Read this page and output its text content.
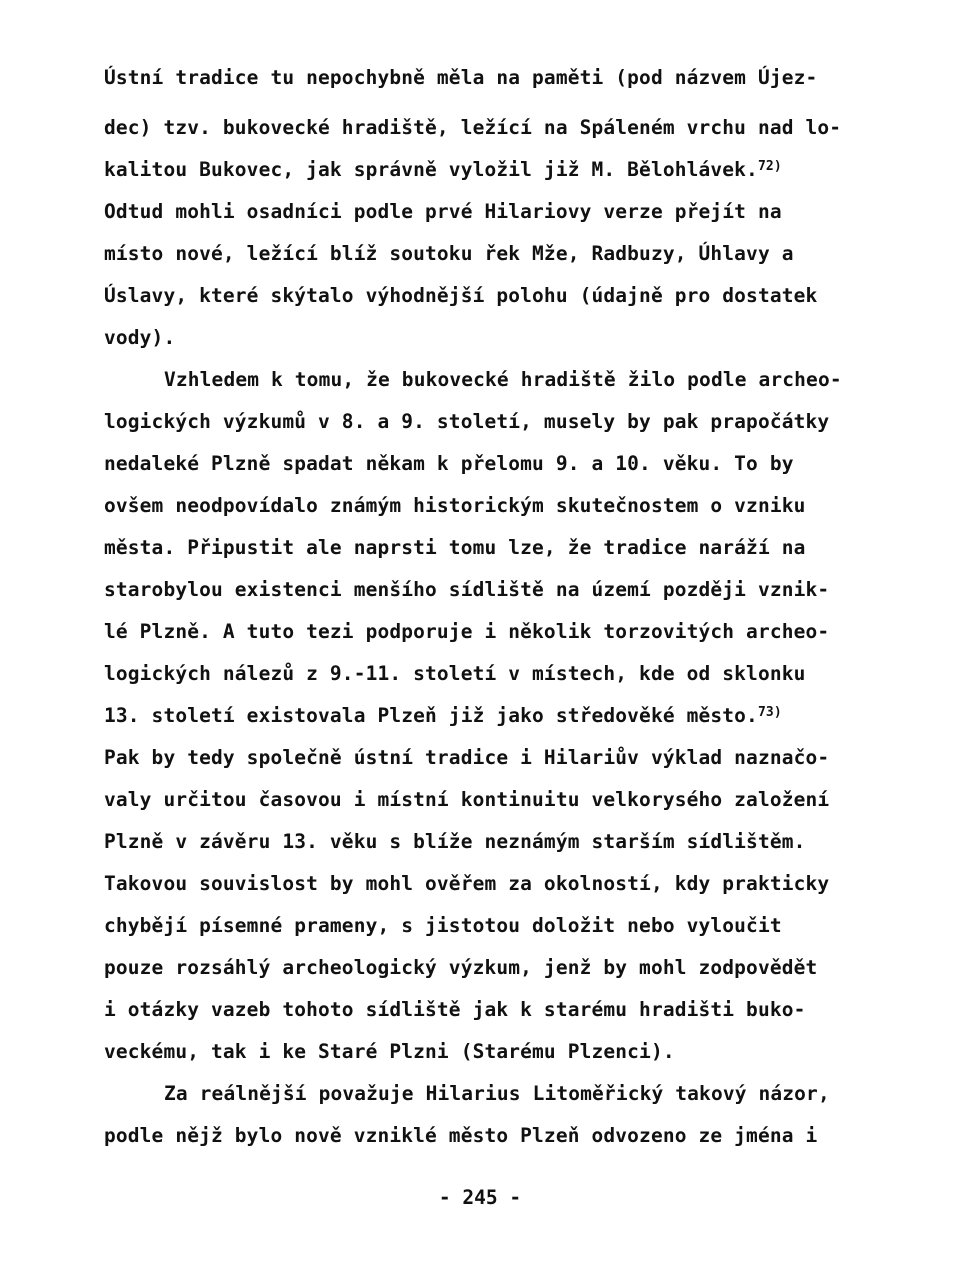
Ústní tradice tu nepochybně měla na paměti (pod názvem Újez-
dec) tzv. bukovecké hradiště, ležící na Spáleném vrchu nad lo-
kalitou Bukovec, jak správně vyložil již M. Bělohlávek.$^{72)}$
Odtud mohli osadníci podle prvé Hilariovy verze přejít na
místo nové, ležící blíž soutoku řek Mže, Radbuzy, Úhlavy a
Úslavy, které skýtalo výhodnější polohu (údajně pro dostatek
vody).
Vzhledem k tomu, že bukovecké hradiště žilo podle archeo-
logických výzkumů v 8. a 9. století, musely by pak prapočátky
nedaleké Plzně spadat někam k přelomu 9. a 10. věku. To by
ovšem neodpovídalo známým historickým skutečnostem o vzniku
města. Připustit ale naprsti tomu lze, že tradice naráží na
starobylou existenci menšího sídliště na území později vznik-
lé Plzně. A tuto tezi podporuje i několik torzovitých archeo-
logických nálezů z 9.-11. století v místech, kde od sklonku
13. století existovala Plzeň již jako středověké město.$^{73)}$
Pak by tedy společně ústní tradice i Hilariův výklad naznačo-
valy určitou časovou i místní kontinuitu velkorysého založení
Plzně v závěru 13. věku s blíže neznámým starším sídlištěm.
Takovou souvislost by mohl ověřem za okolností, kdy prakticky
chybějí písemné prameny, s jistotou doložit nebo vyloučit
pouze rozsáhlý archeologický výzkum, jenž by mohl zodpovědět
i otázky vazeb tohoto sídliště jak k starému hradišti buko-
veckému, tak i ke Staré Plzni (Starému Plzenci).
Za reálnější považuje Hilarius Litoměřický takový názor,
podle nějž bylo nově vzniklé město Plzeň odvozeno ze jména i
- 245 -
